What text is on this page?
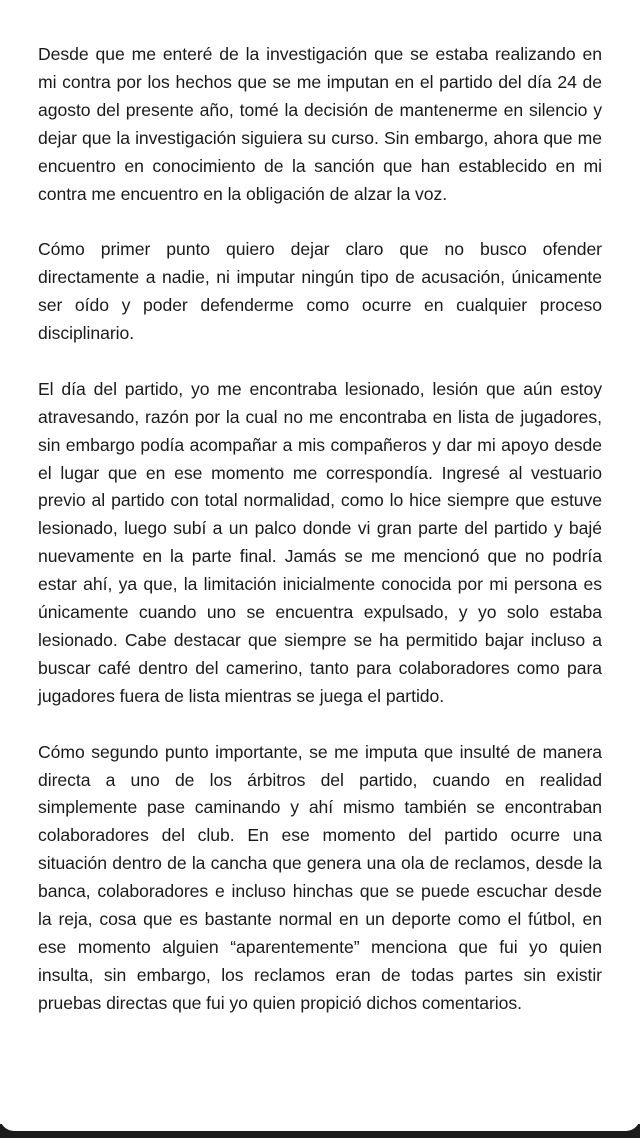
Desde que me enteré de la investigación que se estaba realizando en mi contra por los hechos que se me imputan en el partido del día 24 de agosto del presente año, tomé la decisión de mantenerme en silencio y dejar que la investigación siguiera su curso. Sin embargo, ahora que me encuentro en conocimiento de la sanción que han establecido en mi contra me encuentro en la obligación de alzar la voz.

Cómo primer punto quiero dejar claro que no busco ofender directamente a nadie, ni imputar ningún tipo de acusación, únicamente ser oído y poder defenderme como ocurre en cualquier proceso disciplinario.

El día del partido, yo me encontraba lesionado, lesión que aún estoy atravesando, razón por la cual no me encontraba en lista de jugadores, sin embargo podía acompañar a mis compañeros y dar mi apoyo desde el lugar que en ese momento me correspondía. Ingresé al vestuario previo al partido con total normalidad, como lo hice siempre que estuve lesionado, luego subí a un palco donde vi gran parte del partido y bajé nuevamente en la parte final. Jamás se me mencionó que no podría estar ahí, ya que, la limitación inicialmente conocida por mi persona es únicamente cuando uno se encuentra expulsado, y yo solo estaba lesionado. Cabe destacar que siempre se ha permitido bajar incluso a buscar café dentro del camerino, tanto para colaboradores como para jugadores fuera de lista mientras se juega el partido.

Cómo segundo punto importante, se me imputa que insulté de manera directa a uno de los árbitros del partido, cuando en realidad simplemente pase caminando y ahí mismo también se encontraban colaboradores del club. En ese momento del partido ocurre una situación dentro de la cancha que genera una ola de reclamos, desde la banca, colaboradores e incluso hinchas que se puede escuchar desde la reja, cosa que es bastante normal en un deporte como el fútbol, en ese momento alguien “aparentemente” menciona que fui yo quien insulta, sin embargo, los reclamos eran de todas partes sin existir pruebas directas que fui yo quien propició dichos comentarios.
